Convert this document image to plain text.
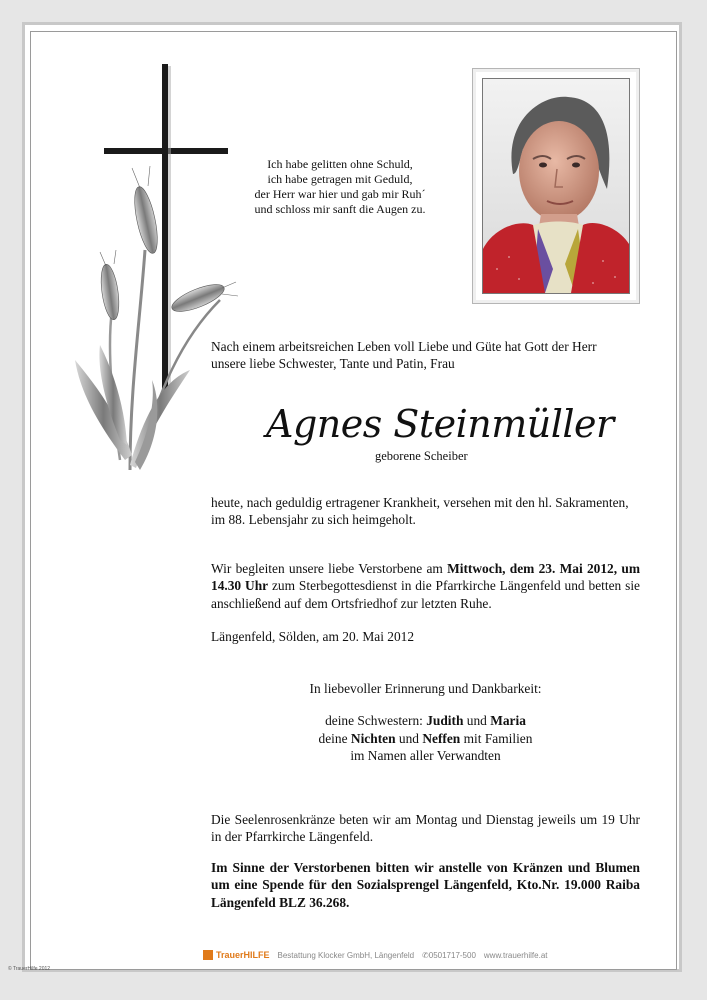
Ich habe gelitten ohne Schuld,
ich habe getragen mit Geduld,
der Herr war hier und gab mir Ruh´
und schloss mir sanft die Augen zu.

Nach einem arbeitsreichen Leben voll Liebe und Güte hat Gott der Herr

unsere liebe Schwester, Tante und Patin, Frau

Agnes Steinmüller
geborene Scheiber

heute, nach geduldig ertragener Krankheit, versehen mit den hl. Sakramenten,

im 88. Lebensjahr zu sich heimgeholt.

Wir begleiten unsere liebe Verstorbene am Mittwoch, dem 23. Mai 2012, um 14.30 Uhr zum Sterbegottesdienst in die Pfarrkirche Längenfeld und betten sie anschließend auf dem Ortsfriedhof zur letzten Ruhe.

Längenfeld, Sölden, am 20. Mai 2012
In liebevoller Erinnerung und Dankbarkeit:
deine Schwestern: Judith und Maria
deine Nichten und Neffen mit Familien
im Namen aller Verwandten
Die Seelenrosenkränze beten wir am Montag und Dienstag jeweils um 19 Uhr in der Pfarrkirche Längenfeld.
Im Sinne der Verstorbenen bitten wir anstelle von Kränzen und Blumen um eine Spende für den Sozialsprengel Längenfeld, Kto.Nr. 19.000 Raiba Längenfeld BLZ 36.268.
TrauerHILFE Bestattung Klocker GmbH, Längenfeld ✆0501717-500 www.trauerhilfe.at
© TrauerHilfe 2012
